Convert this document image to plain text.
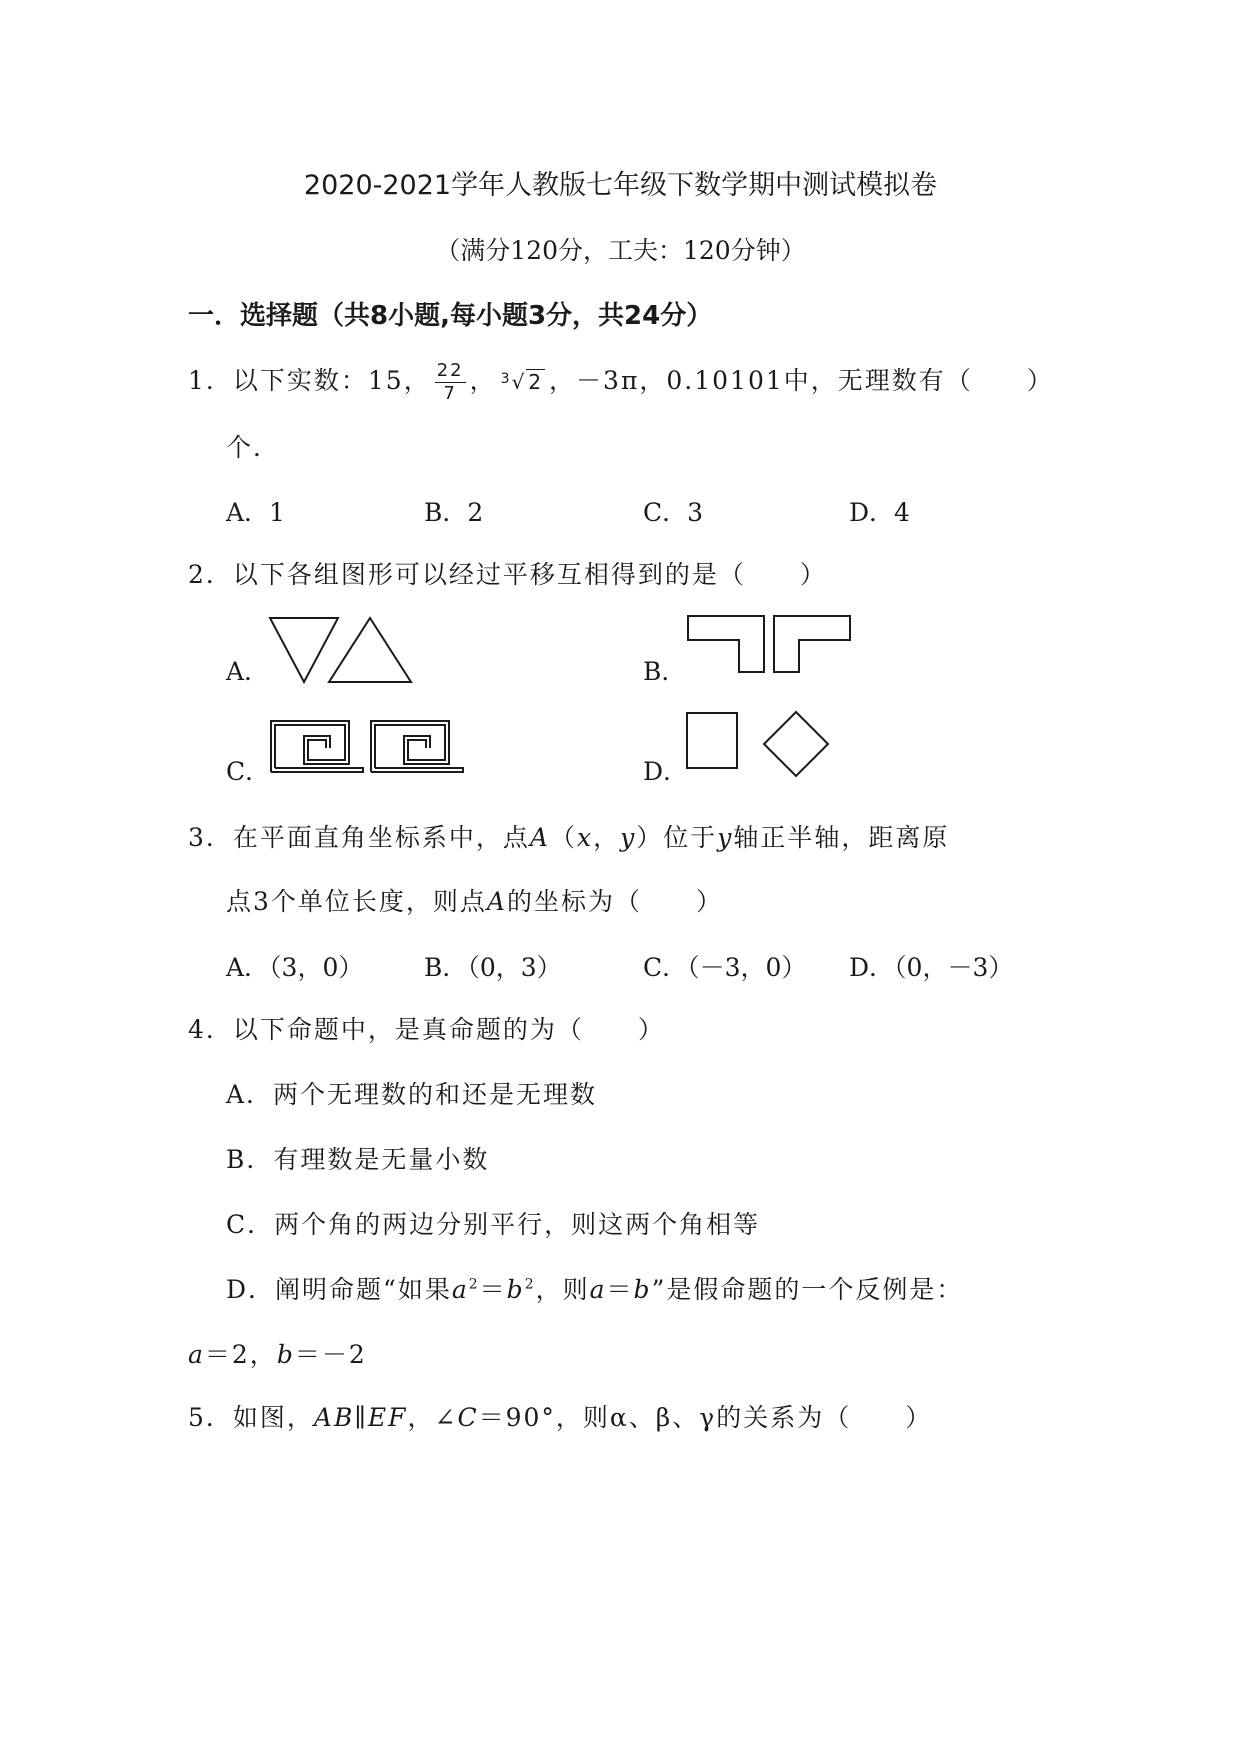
2020-2021学年人教版七年级下数学期中测试模拟卷
（满分120分，工夫：120分钟）
一．选择题（共8小题,每小题3分，共24分）
1．以下实数：15， $\frac{22}{7}$ ， $^3$√ 2 ，－3π，0.10101中，无理数有（　　）
个．
A．1	B．2	C．3	D．4
2．以下各组图形可以经过平移互相得到的是（　　）
A．	B．
C．	D．
3．在平面直角坐标系中，点A（x，y）位于y轴正半轴，距离原
点3个单位长度，则点A的坐标为（　　）
A．（3，0） B．（0，3）	C．（－3，0） D．（0，－3）
4．以下命题中，是真命题的为（　　）
A．两个无理数的和还是无理数
B．有理数是无量小数
C．两个角的两边分别平行，则这两个角相等
D．阐明命题“如果$a^2=b^2$，则a＝b”是假命题的一个反例是：
a＝2，b＝－2
5．如图，AB∥EF，∠C＝90°，则α、β、γ的关系为（　　）
